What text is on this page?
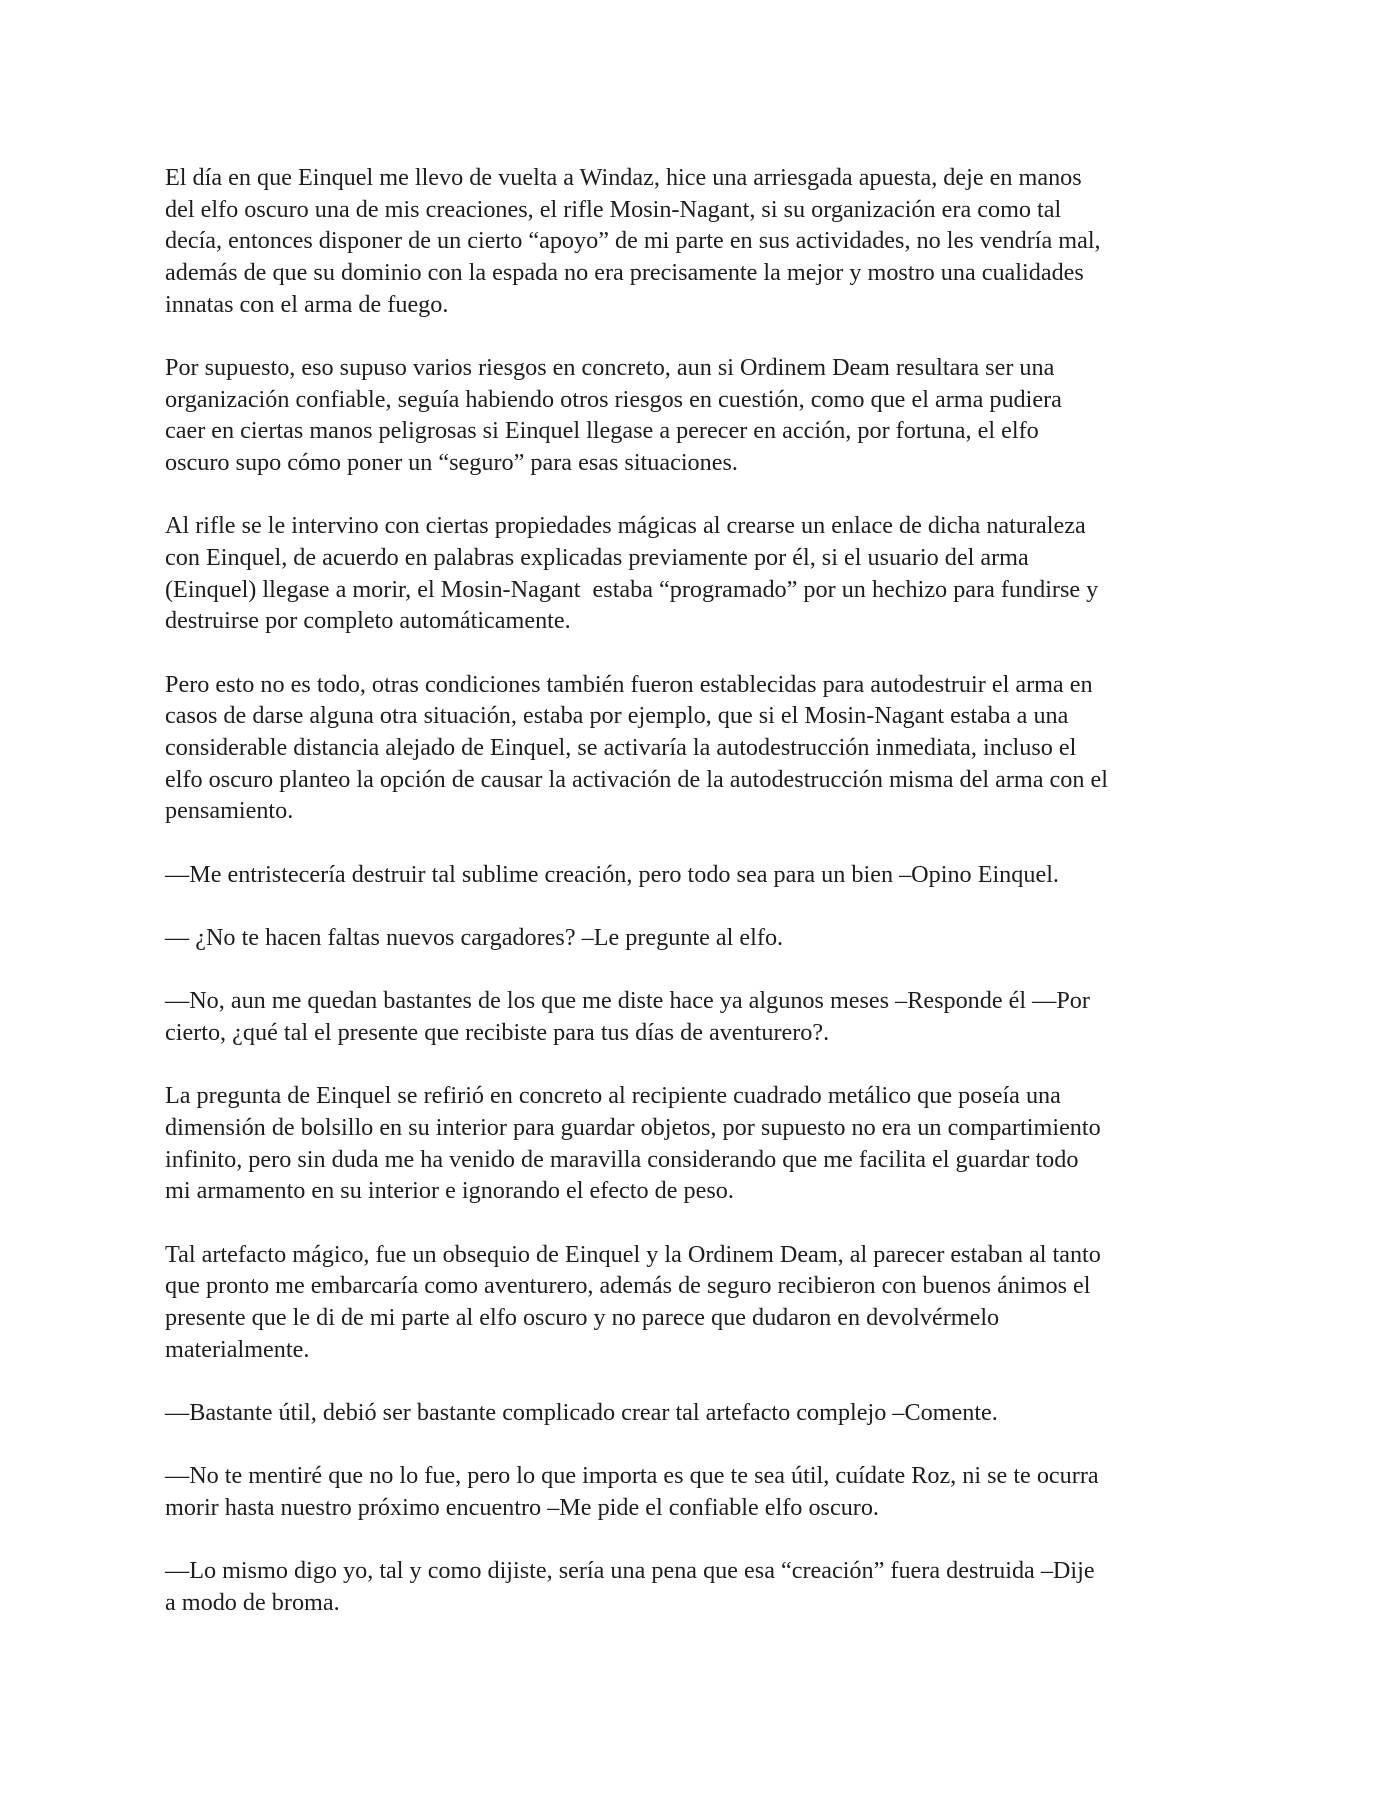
El día en que Einquel me llevo de vuelta a Windaz, hice una arriesgada apuesta, deje en manos
del elfo oscuro una de mis creaciones, el rifle Mosin-Nagant, si su organización era como tal
decía, entonces disponer de un cierto “apoyo” de mi parte en sus actividades, no les vendría mal,
además de que su dominio con la espada no era precisamente la mejor y mostro una cualidades
innatas con el arma de fuego.
Por supuesto, eso supuso varios riesgos en concreto, aun si Ordinem Deam resultara ser una
organización confiable, seguía habiendo otros riesgos en cuestión, como que el arma pudiera
caer en ciertas manos peligrosas si Einquel llegase a perecer en acción, por fortuna, el elfo
oscuro supo cómo poner un “seguro” para esas situaciones.
Al rifle se le intervino con ciertas propiedades mágicas al crearse un enlace de dicha naturaleza
con Einquel, de acuerdo en palabras explicadas previamente por él, si el usuario del arma
(Einquel) llegase a morir, el Mosin-Nagant  estaba “programado” por un hechizo para fundirse y
destruirse por completo automáticamente.
Pero esto no es todo, otras condiciones también fueron establecidas para autodestruir el arma en
casos de darse alguna otra situación, estaba por ejemplo, que si el Mosin-Nagant estaba a una
considerable distancia alejado de Einquel, se activaría la autodestrucción inmediata, incluso el
elfo oscuro planteo la opción de causar la activación de la autodestrucción misma del arma con el
pensamiento.
—Me entristecería destruir tal sublime creación, pero todo sea para un bien –Opino Einquel.
— ¿No te hacen faltas nuevos cargadores? –Le pregunte al elfo.
—No, aun me quedan bastantes de los que me diste hace ya algunos meses –Responde él —Por
cierto, ¿qué tal el presente que recibiste para tus días de aventurero?.
La pregunta de Einquel se refirió en concreto al recipiente cuadrado metálico que poseía una
dimensión de bolsillo en su interior para guardar objetos, por supuesto no era un compartimiento
infinito, pero sin duda me ha venido de maravilla considerando que me facilita el guardar todo
mi armamento en su interior e ignorando el efecto de peso.
Tal artefacto mágico, fue un obsequio de Einquel y la Ordinem Deam, al parecer estaban al tanto
que pronto me embarcaría como aventurero, además de seguro recibieron con buenos ánimos el
presente que le di de mi parte al elfo oscuro y no parece que dudaron en devolvérmelo
materialmente.
—Bastante útil, debió ser bastante complicado crear tal artefacto complejo –Comente.
—No te mentiré que no lo fue, pero lo que importa es que te sea útil, cuídate Roz, ni se te ocurra
morir hasta nuestro próximo encuentro –Me pide el confiable elfo oscuro.
—Lo mismo digo yo, tal y como dijiste, sería una pena que esa “creación” fuera destruida –Dije
a modo de broma.
